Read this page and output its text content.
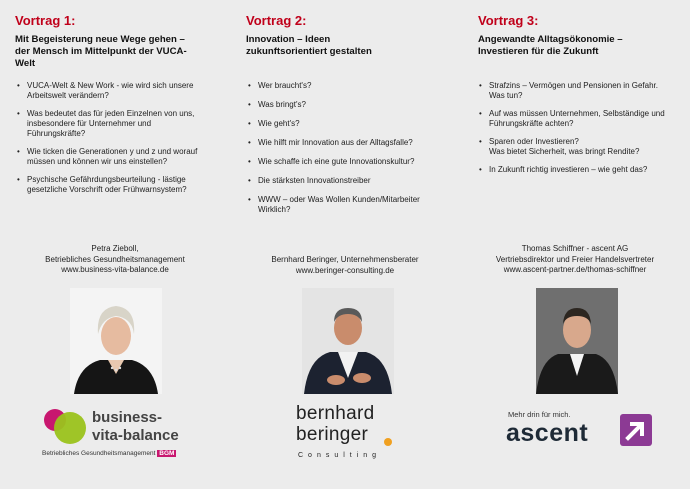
Vortrag 1:
Mit Begeisterung neue Wege gehen –
der Mensch im Mittelpunkt der VUCA-
Welt
• VUCA-Welt & New Work - wie wird sich unsere
Arbeitswelt verändern?
• Was bedeutet das für jeden Einzelnen von uns,
insbesondere für Unternehmer und
Führungskräfte?
• Wie ticken die Generationen y und z und worauf
müssen und können wir uns einstellen?
• Psychische Gefährdungsbeurteilung - lästige
gesetzliche Vorschrift oder Frühwarnsystem?
Petra Zieboll,
Betriebliches Gesundheitsmanagement
www.business-vita-balance.de
business-
vita-balance
Betriebliches Gesundheitsmanagement BGM
Vortrag 2:
Innovation – Ideen
zukunftsorientiert gestalten
• Wer braucht's?
• Was bringt's?
• Wie geht's?
• Wie hilft mir Innovation aus der Alltagsfalle?
• Wie schaffe ich eine gute Innovationskultur?
• Die stärksten Innovationstreiber
• WWW – oder Was Wollen Kunden/Mitarbeiter
Wirklich?
Bernhard Beringer, Unternehmensberater
www.beringer-consulting.de
bernhard
beringer
Consulting
Vortrag 3:
Angewandte Alltagsökonomie –
Investieren für die Zukunft
• Strafzins – Vermögen und Pensionen in Gefahr.
Was tun?
• Auf was müssen Unternehmen, Selbständige und
Führungskräfte achten?
• Sparen oder Investieren?
Was bietet Sicherheit, was bringt Rendite?
• In Zukunft richtig investieren – wie geht das?
Thomas Schiffner - ascent AG
Vertriebsdirektor und Freier Handelsvertreter
www.ascent-partner.de/thomas-schiffner
Mehr drin für mich.
ascent
